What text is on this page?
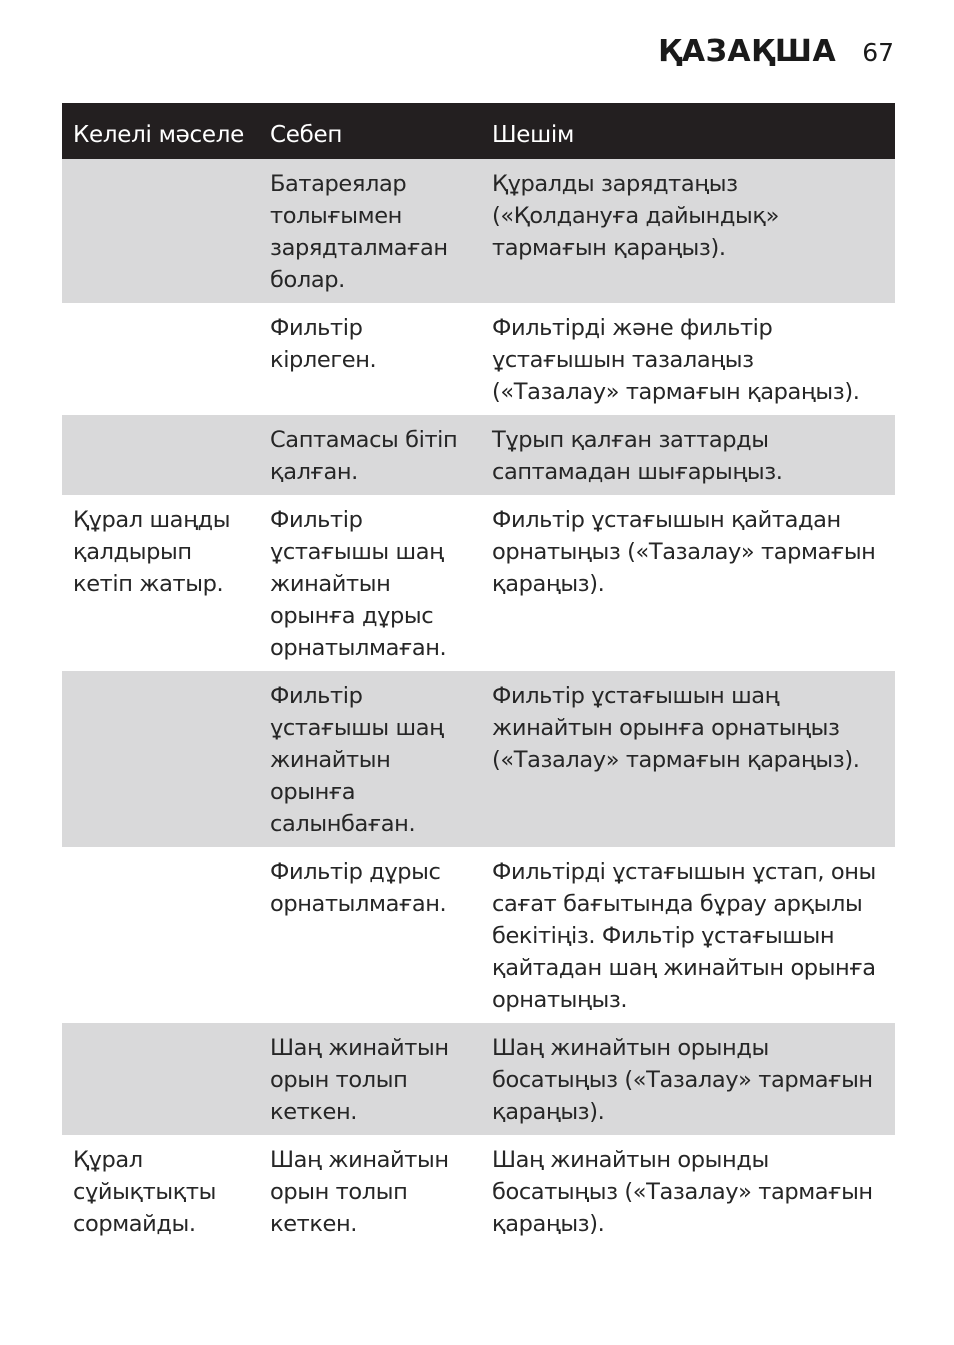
ҚАЗАҚША 67
Келелі мәселе	Себеп	Шешім
	Батареялар толығымен зарядталмаған болар.	Құралды зарядтаңыз («Қолдануға дайындық» тармағын қараңыз).
	Фильтір кірлеген.	Фильтірді және фильтір ұстағышын тазалаңыз («Тазалау» тармағын қараңыз).
	Саптамасы бітіп қалған.	Тұрып қалған заттарды саптамадан шығарыңыз.
Құрал шаңды қалдырып кетіп жатыр.	Фильтір ұстағышы шаң жинайтын орынға дұрыс орнатылмаған.	Фильтір ұстағышын қайтадан орнатыңыз («Тазалау» тармағын қараңыз).
	Фильтір ұстағышы шаң жинайтын орынға салынбаған.	Фильтір ұстағышын шаң жинайтын орынға орнатыңыз («Тазалау» тармағын қараңыз).
	Фильтір дұрыс орнатылмаған.	Фильтірді ұстағышын ұстап, оны сағат бағытында бұрау арқылы бекітіңіз. Фильтір ұстағышын қайтадан шаң жинайтын орынға орнатыңыз.
	Шаң жинайтын орын толып кеткен.	Шаң жинайтын орынды босатыңыз («Тазалау» тармағын қараңыз).
Құрал сұйықтықты сормайды.	Шаң жинайтын орын толып кеткен.	Шаң жинайтын орынды босатыңыз («Тазалау» тармағын қараңыз).
